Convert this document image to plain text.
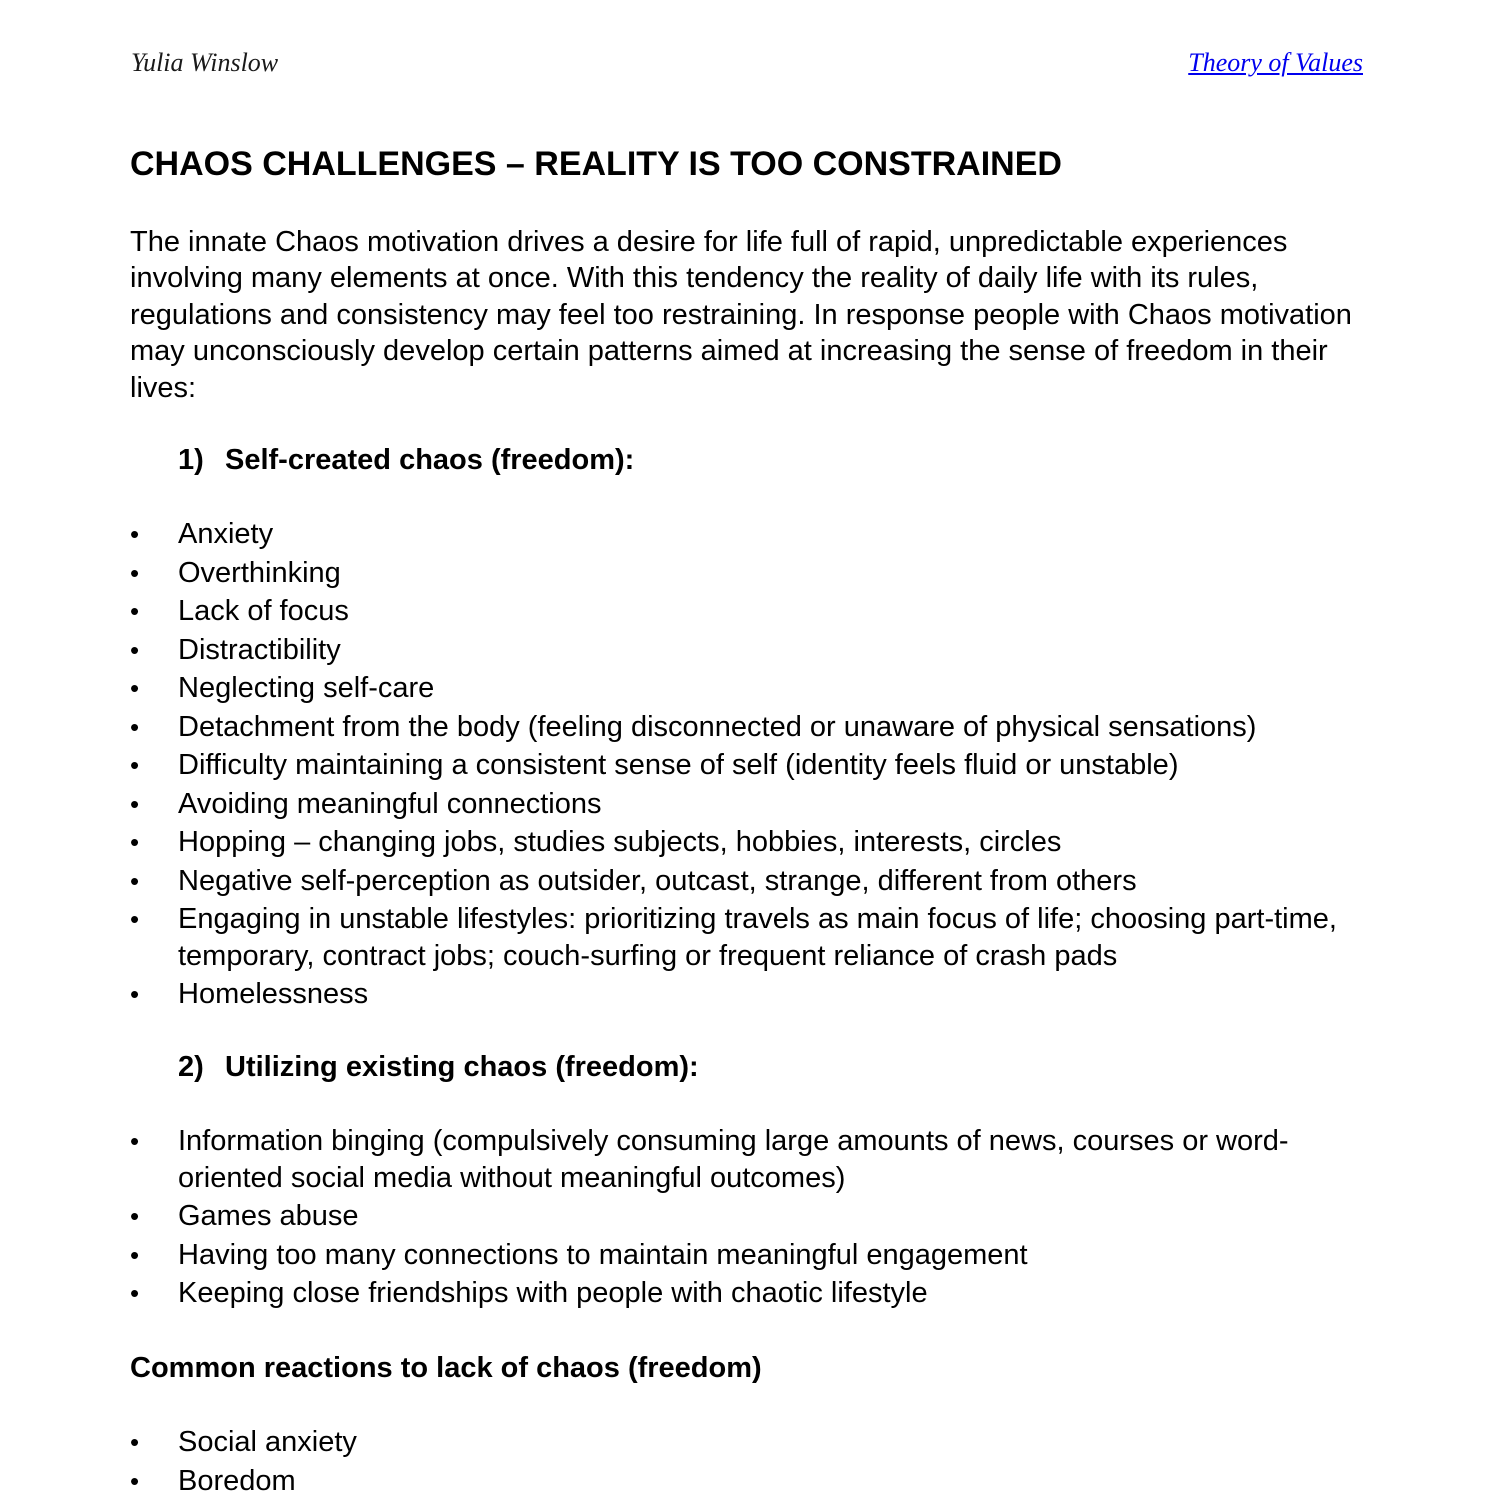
Yulia Winslow	Theory of Values
CHAOS CHALLENGES – REALITY IS TOO CONSTRAINED

The innate Chaos motivation drives a desire for life full of rapid, unpredictable experiences involving many elements at once. With this tendency the reality of daily life with its rules, regulations and consistency may feel too restraining. In response people with Chaos motivation may unconsciously develop certain patterns aimed at increasing the sense of freedom in their lives:

1) Self-created chaos (freedom):
• Anxiety
• Overthinking
• Lack of focus
• Distractibility
• Neglecting self-care
• Detachment from the body (feeling disconnected or unaware of physical sensations)
• Difficulty maintaining a consistent sense of self (identity feels fluid or unstable)
• Avoiding meaningful connections
• Hopping – changing jobs, studies subjects, hobbies, interests, circles
• Negative self-perception as outsider, outcast, strange, different from others
• Engaging in unstable lifestyles: prioritizing travels as main focus of life; choosing part-time, temporary, contract jobs; couch-surfing or frequent reliance of crash pads
• Homelessness
2) Utilizing existing chaos (freedom):
• Information binging (compulsively consuming large amounts of news, courses or word-oriented social media without meaningful outcomes)
• Games abuse
• Having too many connections to maintain meaningful engagement
• Keeping close friendships with people with chaotic lifestyle
Common reactions to lack of chaos (freedom)
• Social anxiety
• Boredom
